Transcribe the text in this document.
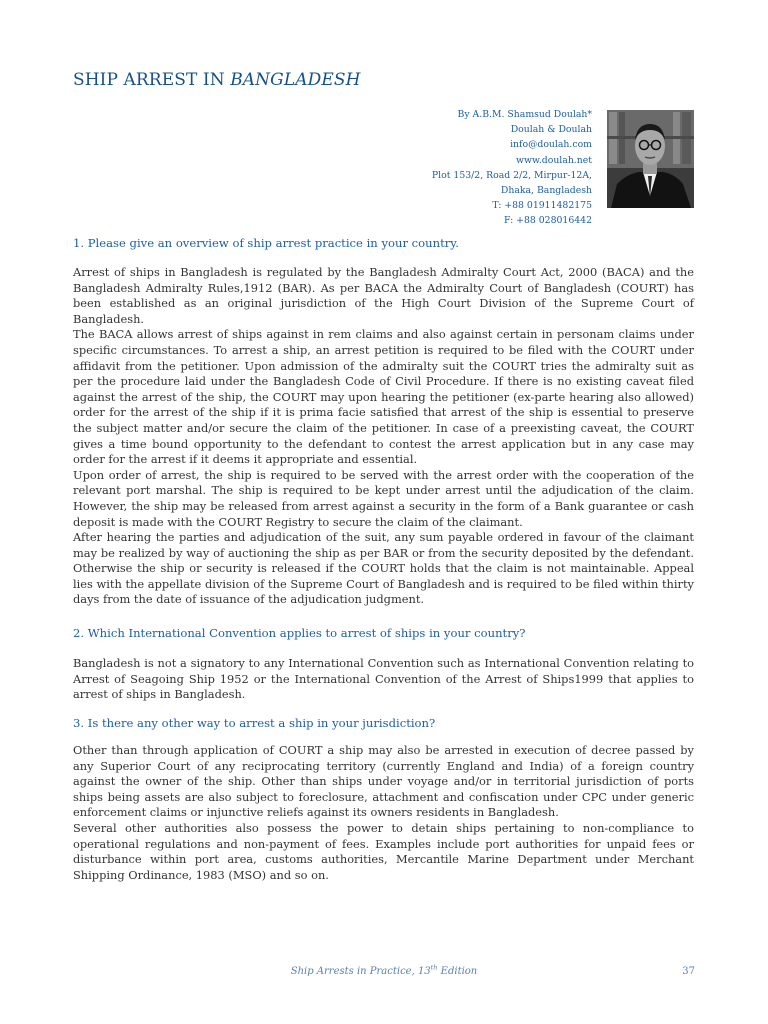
SHIP ARREST IN BANGLADESH
By A.B.M. Shamsud Doulah*
Doulah & Doulah
info@doulah.com
www.doulah.net
Plot 153/2, Road 2/2, Mirpur-12A,
Dhaka, Bangladesh
T: +88 01911482175
F: +88 028016442
1. Please give an overview of ship arrest practice in your country.

Arrest of ships in Bangladesh is regulated by the Bangladesh Admiralty Court Act, 2000 (BACA) and the Bangladesh Admiralty Rules,1912 (BAR). As per BACA the Admiralty Court of Bangladesh (COURT) has been established as an original jurisdiction of the High Court Division of the Supreme Court of Bangladesh.

The BACA allows arrest of ships against in rem claims and also against certain in personam claims under specific circumstances. To arrest a ship, an arrest petition is required to be filed with the COURT under affidavit from the petitioner. Upon admission of the admiralty suit the COURT tries the admiralty suit as per the procedure laid under the Bangladesh Code of Civil Procedure. If there is no existing caveat filed against the arrest of the ship, the COURT may upon hearing the petitioner (ex-parte hearing also allowed) order for the arrest of the ship if it is prima facie satisfied that arrest of the ship is essential to preserve the subject matter and/or secure the claim of the petitioner. In case of a preexisting caveat, the COURT gives a time bound opportunity to the defendant to contest the arrest application but in any case may order for the arrest if it deems it appropriate and essential.

Upon order of arrest, the ship is required to be served with the arrest order with the cooperation of the relevant port marshal. The ship is required to be kept under arrest until the adjudication of the claim. However, the ship may be released from arrest against a security in the form of a Bank guarantee or cash deposit is made with the COURT Registry to secure the claim of the claimant.

After hearing the parties and adjudication of the suit, any sum payable ordered in favour of the claimant may be realized by way of auctioning the ship as per BAR or from the security deposited by the defendant. Otherwise the ship or security is released if the COURT holds that the claim is not maintainable. Appeal lies with the appellate division of the Supreme Court of Bangladesh and is required to be filed within thirty days from the date of issuance of the adjudication judgment.

2. Which International Convention applies to arrest of ships in your country?

Bangladesh is not a signatory to any International Convention such as International Convention relating to Arrest of Seagoing Ship 1952 or the International Convention of the Arrest of Ships1999 that applies to arrest of ships in Bangladesh.

3. Is there any other way to arrest a ship in your jurisdiction?

Other than through application of COURT a ship may also be arrested in execution of decree passed by any Superior Court of any reciprocating territory (currently England and India) of a foreign country against the owner of the ship. Other than ships under voyage and/or in territorial jurisdiction of ports ships being assets are also subject to foreclosure, attachment and confiscation under CPC under generic enforcement claims or injunctive reliefs against its owners residents in Bangladesh.

Several other authorities also possess the power to detain ships pertaining to non-compliance to operational regulations and non-payment of fees. Examples include port authorities for unpaid fees or disturbance within port area, customs authorities, Mercantile Marine Department under Merchant Shipping Ordinance, 1983 (MSO) and so on.

Ship Arrests in Practice, 13th Edition	37
